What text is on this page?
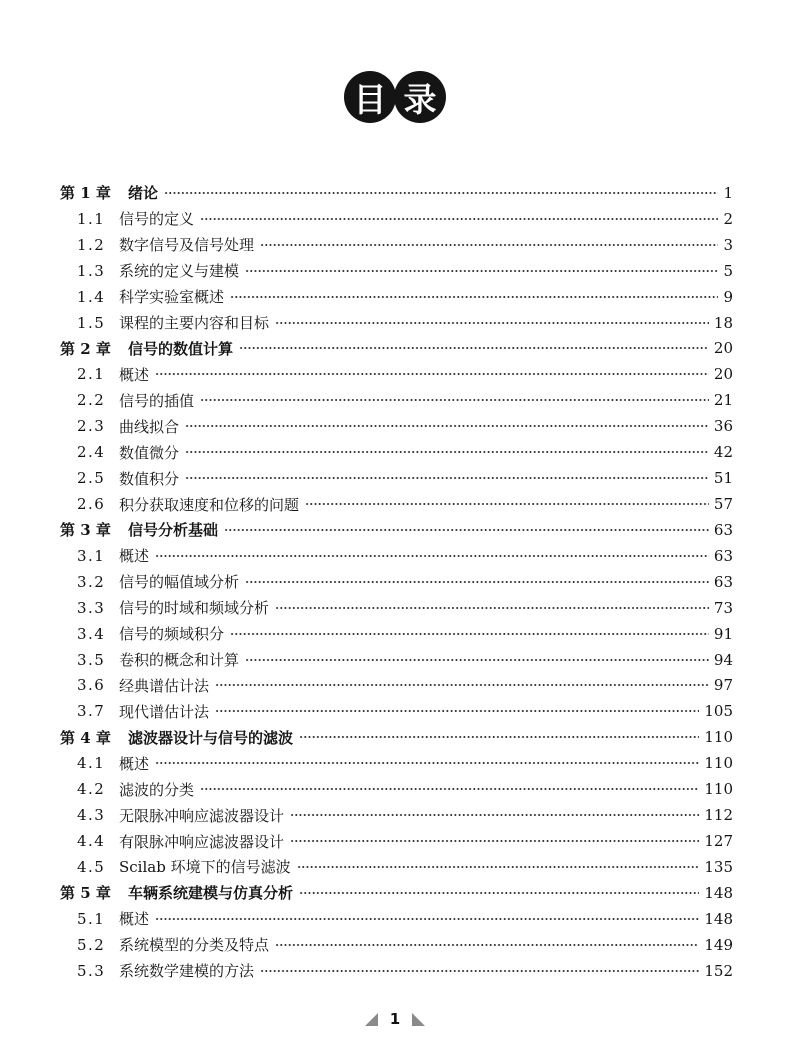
目 录
第 1 章	绪论	1
1.1 信号的定义	2
1.2 数字信号及信号处理	3
1.3 系统的定义与建模	5
1.4 科学实验室概述	9
1.5 课程的主要内容和目标	18
第 2 章	信号的数值计算	20
2.1 概述	20
2.2 信号的插值	21
2.3 曲线拟合	36
2.4 数值微分	42
2.5 数值积分	51
2.6 积分获取速度和位移的问题	57
第 3 章	信号分析基础	63
3.1 概述	63
3.2 信号的幅值域分析	63
3.3 信号的时域和频域分析	73
3.4 信号的频域积分	91
3.5 卷积的概念和计算	94
3.6 经典谱估计法	97
3.7 现代谱估计法	105
第 4 章	滤波器设计与信号的滤波	110
4.1 概述	110
4.2 滤波的分类	110
4.3 无限脉冲响应滤波器设计	112
4.4 有限脉冲响应滤波器设计	127
4.5 Scilab 环境下的信号滤波	135
第 5 章	车辆系统建模与仿真分析	148
5.1 概述	148
5.2 系统模型的分类及特点	149
5.3 系统数学建模的方法	152
1
